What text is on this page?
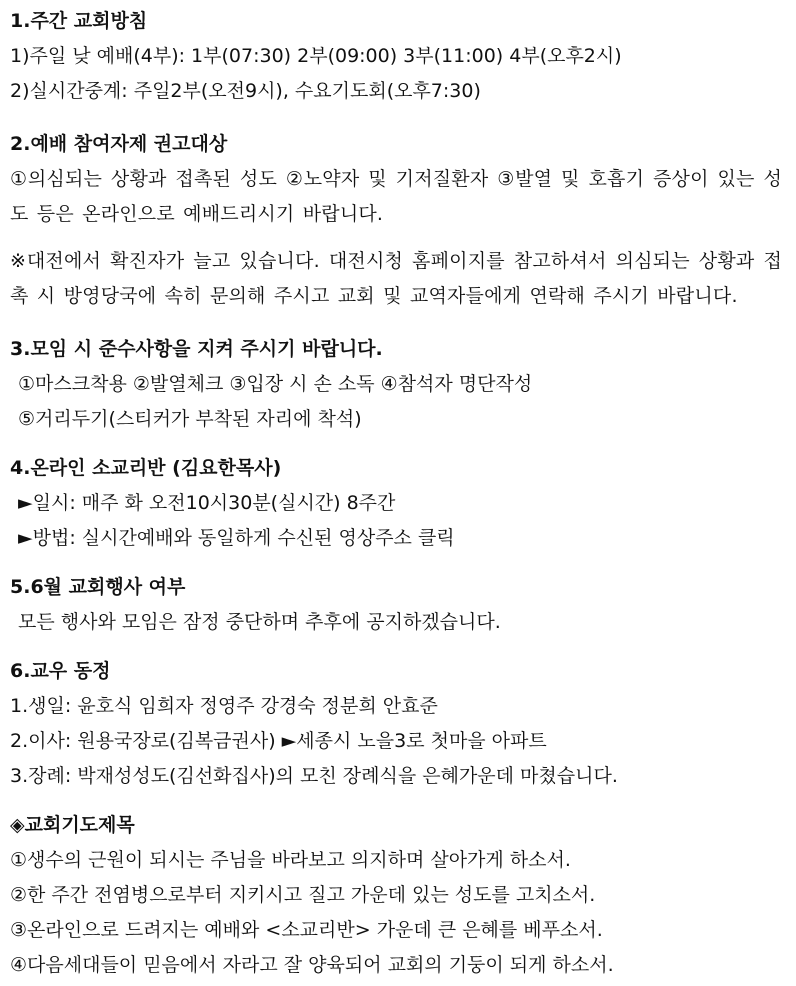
1.주간 교회방침
1)주일 낮 예배(4부): 1부(07:30) 2부(09:00) 3부(11:00) 4부(오후2시)
2)실시간중계: 주일2부(오전9시), 수요기도회(오후7:30)
2.예배 참여자제 권고대상
①의심되는 상황과 접촉된 성도 ②노약자 및 기저질환자 ③발열 및 호흡기 증상이 있는 성도 등은 온라인으로 예배드리시기 바랍니다.
※대전에서 확진자가 늘고 있습니다. 대전시청 홈페이지를 참고하셔서 의심되는 상황과 접촉 시 방영당국에 속히 문의해 주시고 교회 및 교역자들에게 연락해 주시기 바랍니다.
3.모임 시 준수사항을 지켜 주시기 바랍니다.
①마스크착용 ②발열체크 ③입장 시 손 소독 ④참석자 명단작성
⑤거리두기(스티커가 부착된 자리에 착석)
4.온라인 소교리반 (김요한목사)
►일시: 매주 화 오전10시30분(실시간) 8주간
►방법: 실시간예배와 동일하게 수신된 영상주소 클릭
5.6월 교회행사 여부
모든 행사와 모임은 잠정 중단하며 추후에 공지하겠습니다.
6.교우 동정
1.생일: 윤호식 임희자 정영주 강경숙 정분희 안효준
2.이사: 원용국장로(김복금권사) ►세종시 노을3로 첫마을 아파트
3.장례: 박재성성도(김선화집사)의 모친 장례식을 은혜가운데 마쳤습니다.
◈교회기도제목
①생수의 근원이 되시는 주님을 바라보고 의지하며 살아가게 하소서.
②한 주간 전염병으로부터 지키시고 질고 가운데 있는 성도를 고치소서.
③온라인으로 드려지는 예배와 <소교리반> 가운데 큰 은혜를 베푸소서.
④다음세대들이 믿음에서 자라고 잘 양육되어 교회의 기둥이 되게 하소서.
